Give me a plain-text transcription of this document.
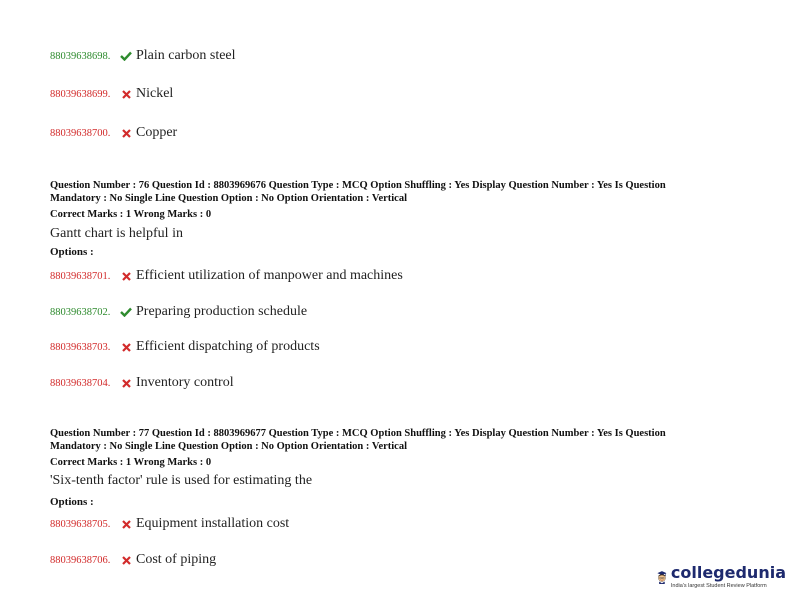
88039638698.	Plain carbon steel
88039638699.	Nickel
88039638700.	Copper
Question Number : 76 Question Id : 8803969676 Question Type : MCQ Option Shuffling : Yes Display Question Number : Yes Is Question
Mandatory : No Single Line Question Option : No Option Orientation : Vertical
Correct Marks : 1 Wrong Marks : 0
Gantt chart is helpful in
Options :
88039638701.	Efficient utilization of manpower and machines
88039638702.	Preparing production schedule
88039638703.	Efficient dispatching of products
88039638704.	Inventory control
Question Number : 77 Question Id : 8803969677 Question Type : MCQ Option Shuffling : Yes Display Question Number : Yes Is Question
Mandatory : No Single Line Question Option : No Option Orientation : Vertical
Correct Marks : 1 Wrong Marks : 0
'Six-tenth factor' rule is used for estimating the
Options :
88039638705.	Equipment installation cost
88039638706.	Cost of piping
collegedunia
India's largest Student Review Platform
